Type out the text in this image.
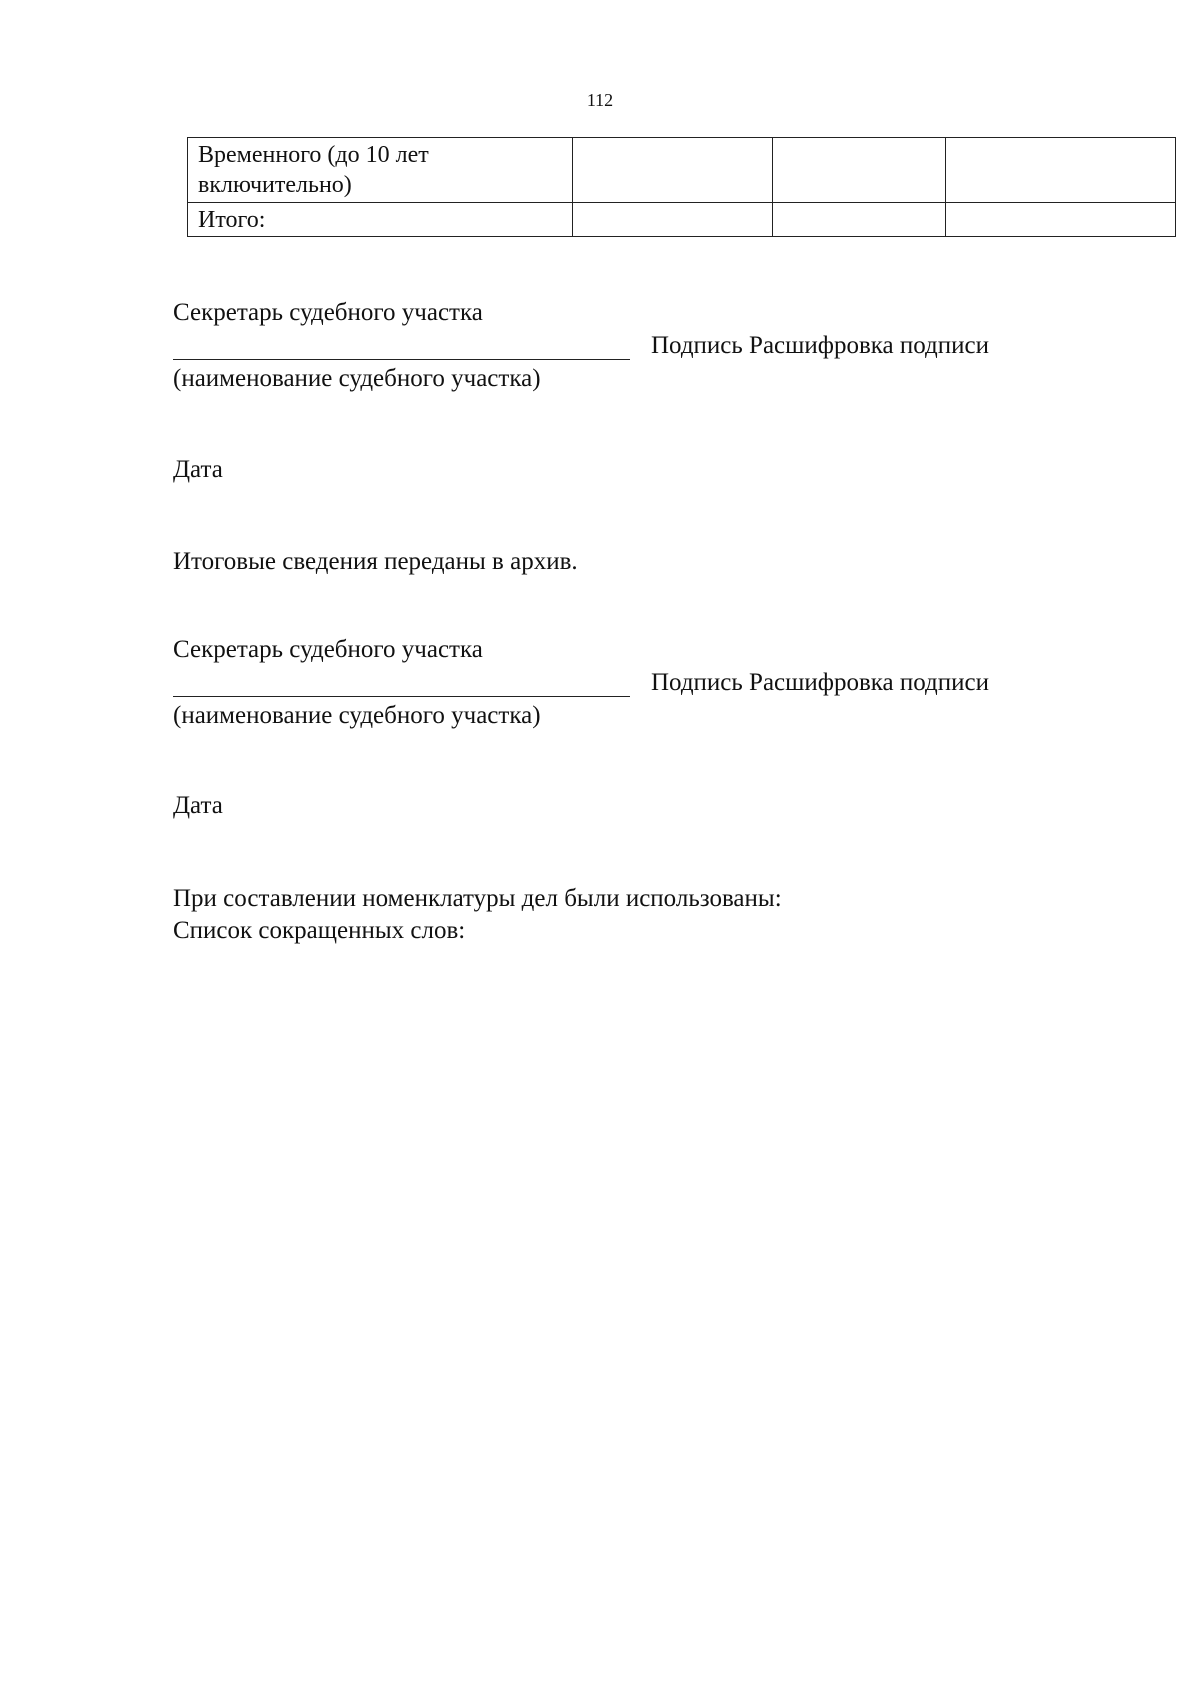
112
Временного (до 10 лет включительно)			
Итого:			
Секретарь судебного участка
Подпись Расшифровка подписи
(наименование судебного участка)
Дата
Итоговые сведения переданы в архив.
Секретарь судебного участка
Подпись Расшифровка подписи
(наименование судебного участка)
Дата
При составлении номенклатуры дел были использованы:
Список сокращенных слов:
